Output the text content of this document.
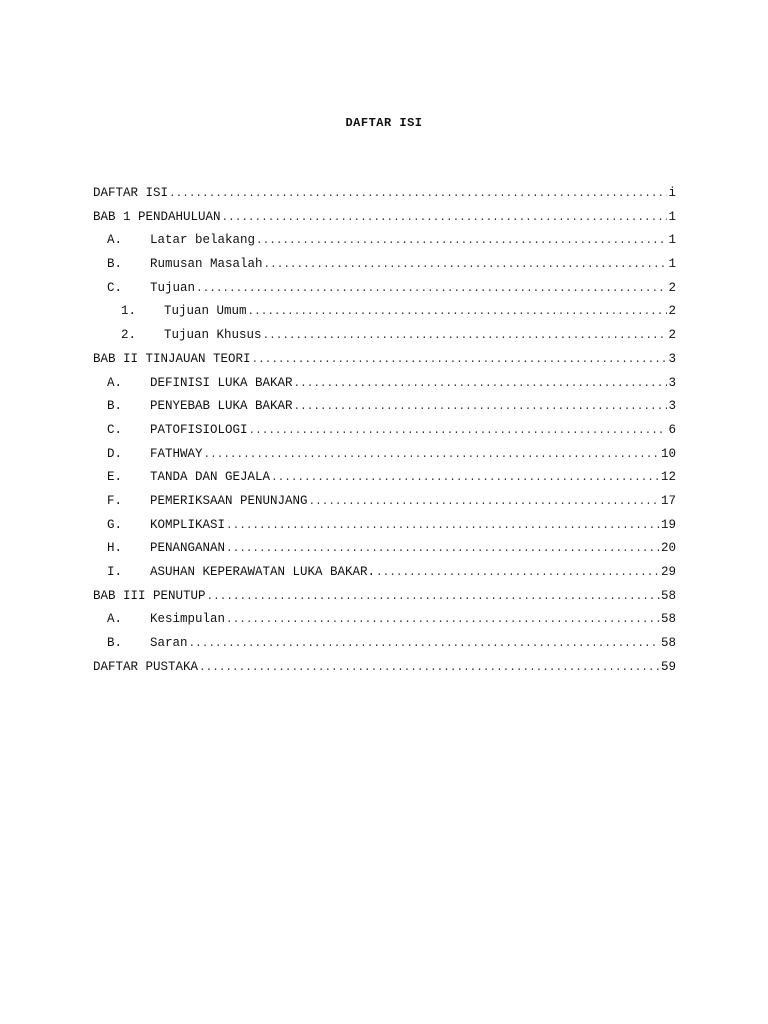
DAFTAR ISI
DAFTAR ISI .....	i
BAB 1 PENDAHULUAN .....	1
A.	Latar belakang .....	1
B.	Rumusan Masalah .....	1
C.	Tujuan .....	2
1.	Tujuan Umum .....	2
2.	Tujuan Khusus .....	2
BAB II TINJAUAN TEORI .....	3
A.	DEFINISI LUKA BAKAR .....	3
B.	PENYEBAB LUKA BAKAR .....	3
C.	PATOFISIOLOGI .....	6
D.	FATHWAY .....	10
E.	TANDA DAN GEJALA .....	12
F.	PEMERIKSAAN PENUNJANG .....	17
G.	KOMPLIKASI .....	19
H.	PENANGANAN .....	20
I.	ASUHAN KEPERAWATAN LUKA BAKAR. .....	29
BAB III PENUTUP .....	58
A.	Kesimpulan .....	58
B.	Saran .....	58
DAFTAR PUSTAKA .....	59
